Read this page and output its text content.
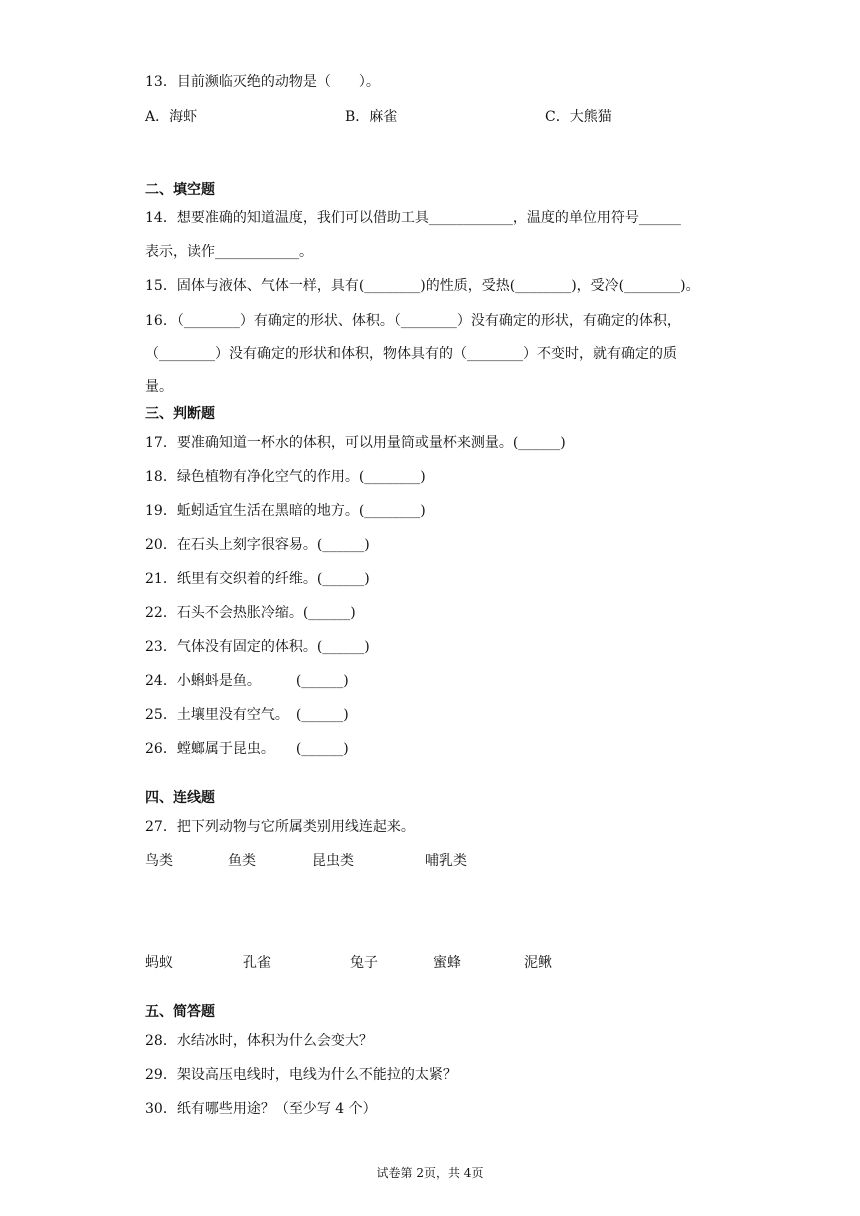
13．目前濒临灭绝的动物是（　　）。
A．海虾	B．麻雀	C．大熊猫
二、填空题
14．想要准确的知道温度，我们可以借助工具____________，温度的单位用符号______
表示，读作____________。
15．固体与液体、气体一样，具有(________)的性质，受热(________)，受冷(________)。
16．（________）有确定的形状、体积。（________）没有确定的形状，有确定的体积，
（________）没有确定的形状和体积，物体具有的（________）不变时，就有确定的质
量。
三、判断题
17．要准确知道一杯水的体积，可以用量筒或量杯来测量。(______)
18．绿色植物有净化空气的作用。(________)
19．蚯蚓适宜生活在黑暗的地方。(________)
20．在石头上刻字很容易。(______)
21．纸里有交织着的纤维。(______)
22．石头不会热胀冷缩。(______)
23．气体没有固定的体积。(______)
24．小蝌蚪是鱼。　　　(______)
25．土壤里没有空气。　(______)
26．螳螂属于昆虫。　　(______)
四、连线题
27．把下列动物与它所属类别用线连起来。
鸟类	鱼类	昆虫类	哺乳类
蚂蚁	孔雀	兔子	蜜蜂	泥鳅
五、简答题
28．水结冰时，体积为什么会变大？
29．架设高压电线时，电线为什么不能拉的太紧？
30．纸有哪些用途？（至少写 4 个）
试卷第 2页，共 4页
